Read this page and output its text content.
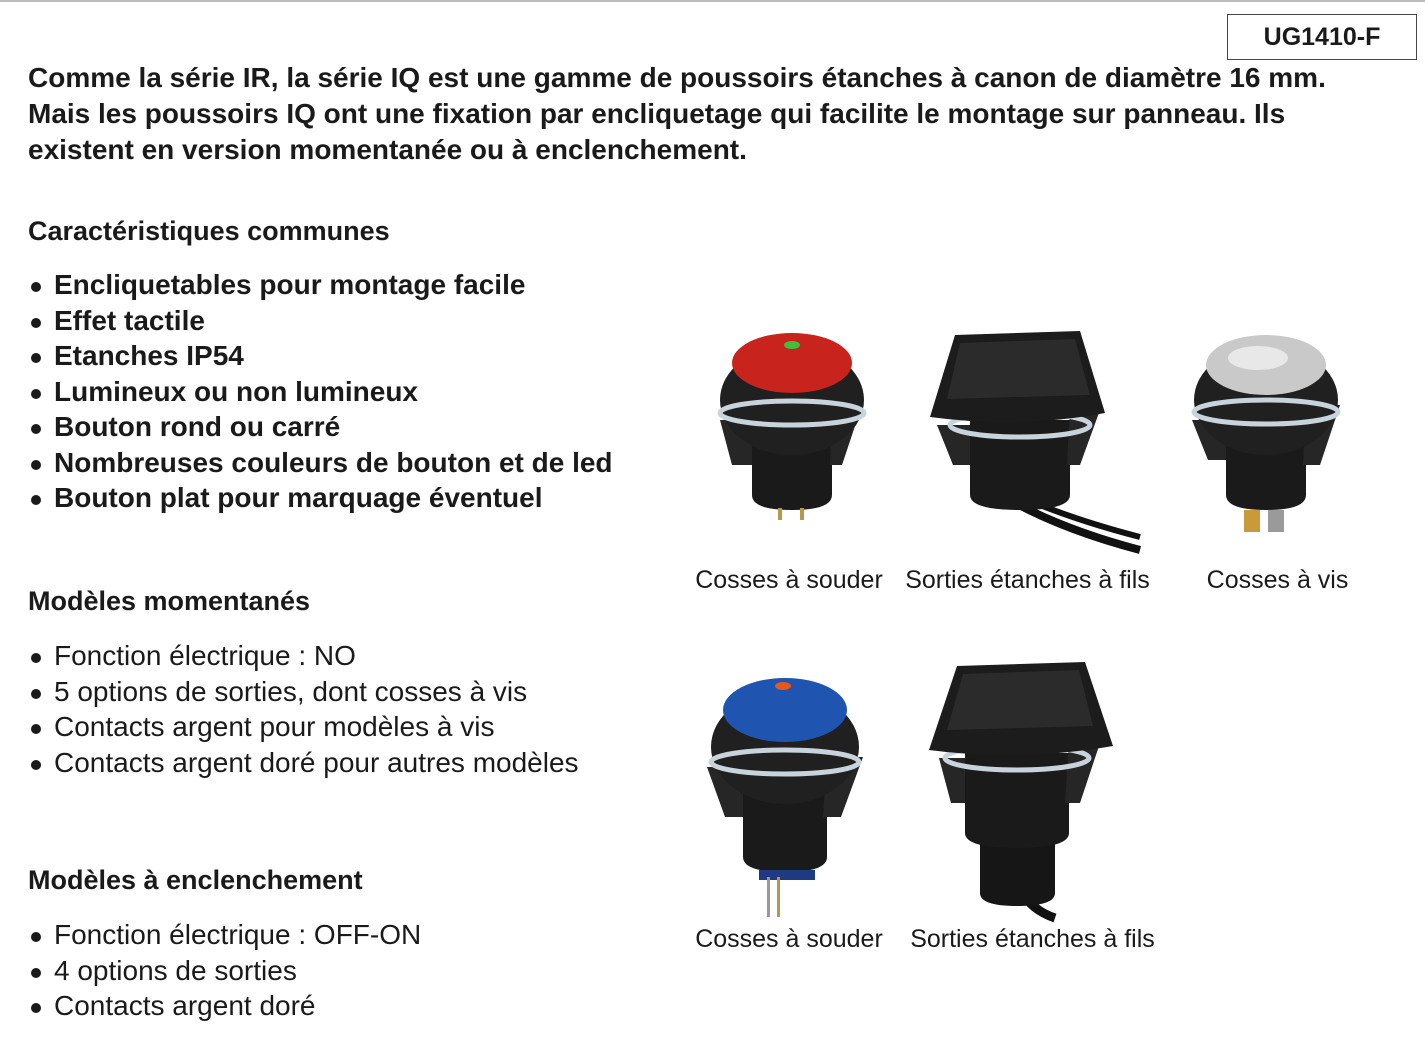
UG1410-F

Comme la série IR, la série IQ est une gamme de poussoirs étanches à canon de diamètre 16 mm. Mais les poussoirs IQ ont une fixation par encliquetage qui facilite le montage sur panneau. Ils existent en version momentanée ou à enclenchement.

Caractéristiques communes
Encliquetables pour montage facile
Effet tactile
Etanches IP54
Lumineux ou non lumineux
Bouton rond ou carré
Nombreuses couleurs de bouton et de led
Bouton plat pour marquage éventuel
Modèles momentanés
Fonction électrique : NO
5 options de sorties, dont cosses à vis
Contacts argent pour modèles à vis
Contacts argent doré pour autres modèles
Modèles à enclenchement
Fonction électrique : OFF-ON
4 options de sorties
Contacts argent doré
Cosses à souder Sorties étanches à fils	Cosses à vis
Cosses à souder Sorties étanches à fils
